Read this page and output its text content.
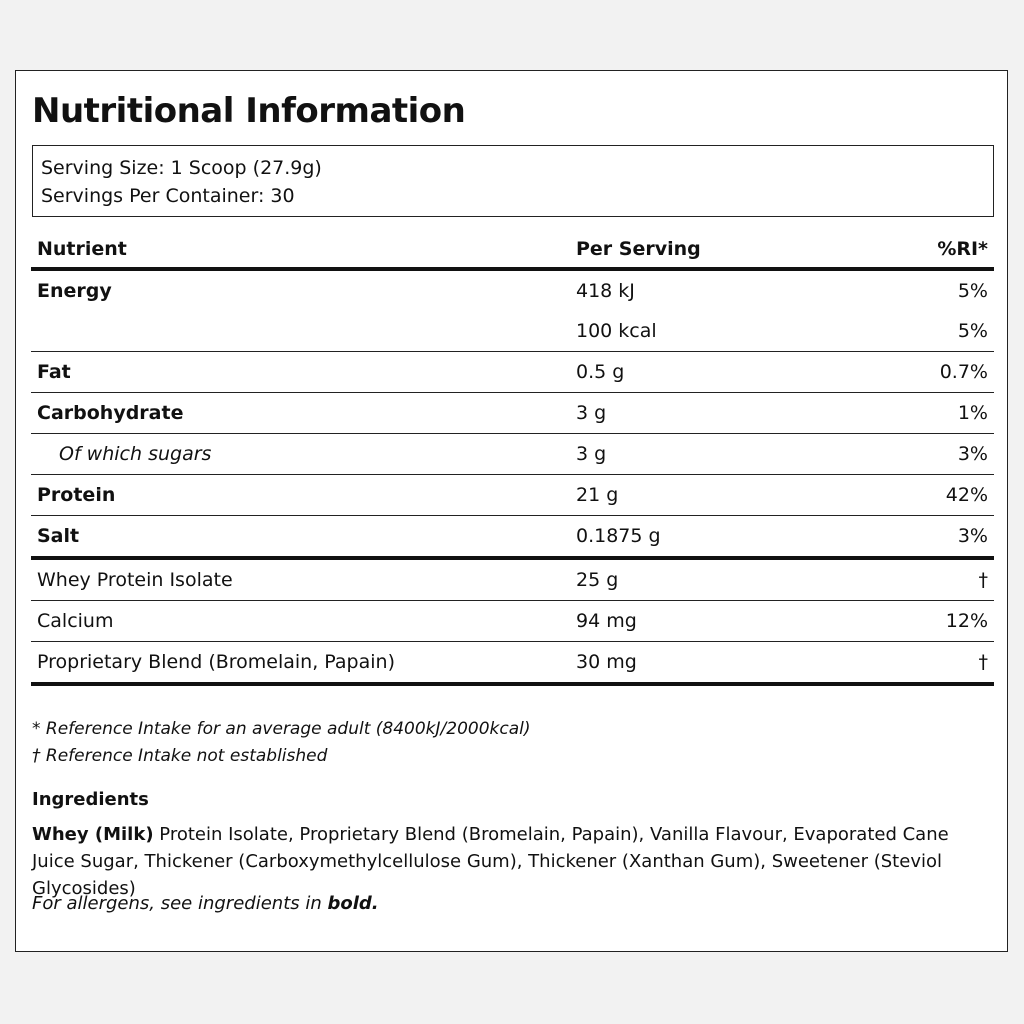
Nutritional Information
Serving Size: 1 Scoop (27.9g)
Servings Per Container: 30
Nutrient	Per Serving	%RI*
Energy	418 kJ	5%
	100 kcal	5%
Fat	0.5 g	0.7%
Carbohydrate	3 g	1%
Of which sugars	3 g	3%
Protein	21 g	42%
Salt	0.1875 g	3%
Whey Protein Isolate	25 g	†
Calcium	94 mg	12%
Proprietary Blend (Bromelain, Papain)	30 mg	†
* Reference Intake for an average adult (8400kJ/2000kcal)
† Reference Intake not established
Ingredients
Whey (Milk) Protein Isolate, Proprietary Blend (Bromelain, Papain), Vanilla Flavour, Evaporated Cane Juice Sugar, Thickener (Carboxymethylcellulose Gum), Thickener (Xanthan Gum), Sweetener (Steviol Glycosides)
For allergens, see ingredients in bold.
